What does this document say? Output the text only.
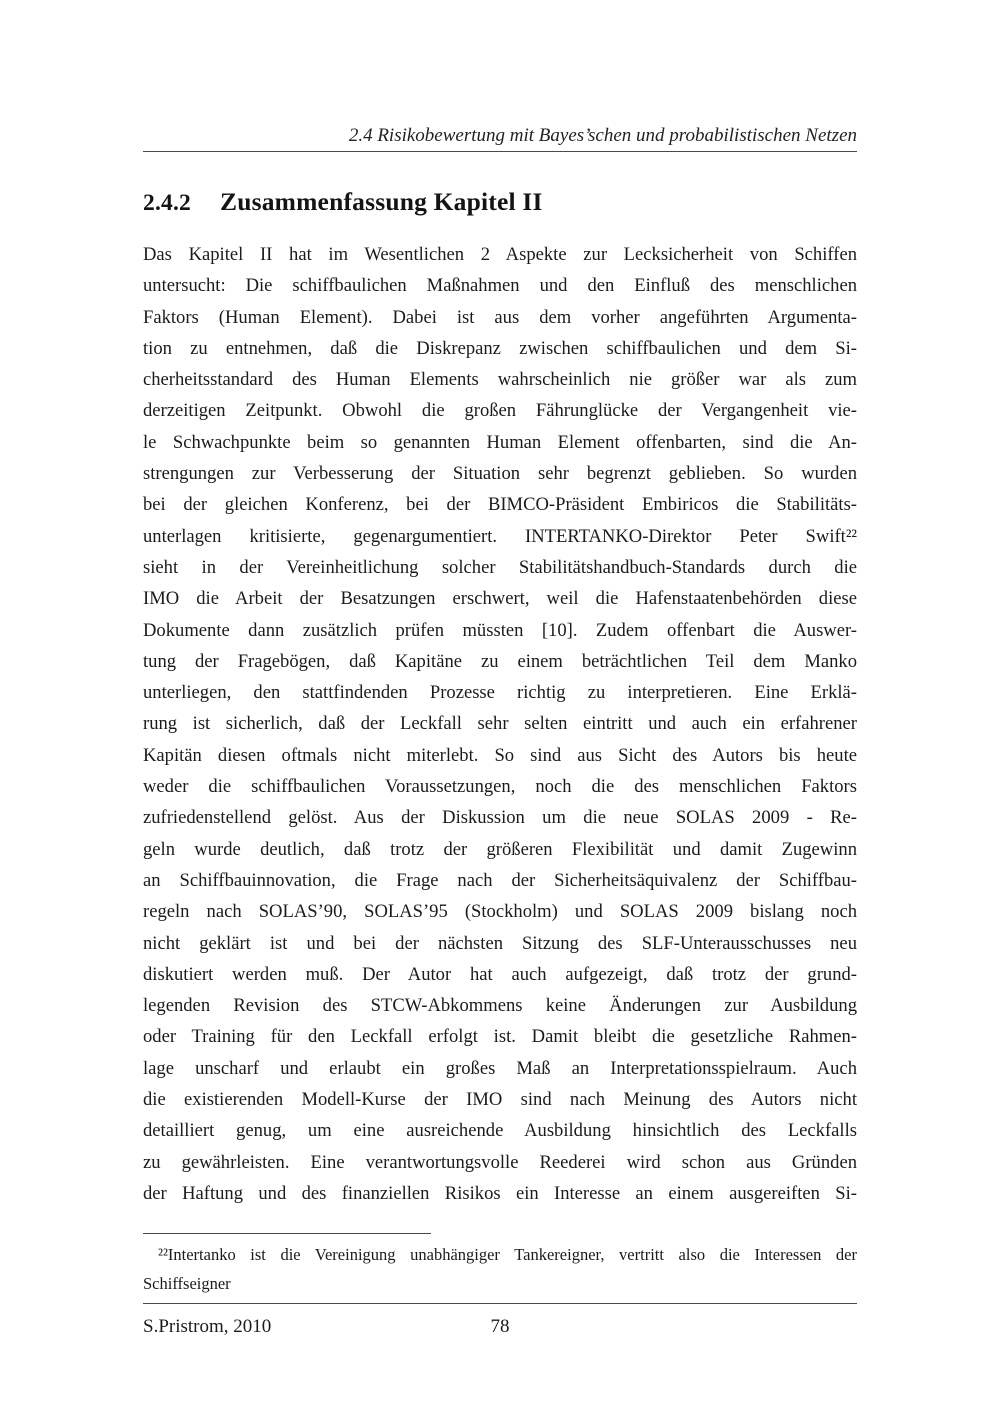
2.4 Risikobewertung mit Bayes’schen und probabilistischen Netzen
2.4.2 Zusammenfassung Kapitel II
Das Kapitel II hat im Wesentlichen 2 Aspekte zur Lecksicherheit von Schiffen
untersucht: Die schiffbaulichen Maßnahmen und den Einfluß des menschlichen
Faktors (Human Element). Dabei ist aus dem vorher angeführten Argumenta-
tion zu entnehmen, daß die Diskrepanz zwischen schiffbaulichen und dem Si-
cherheitsstandard des Human Elements wahrscheinlich nie größer war als zum
derzeitigen Zeitpunkt. Obwohl die großen Fährunglücke der Vergangenheit vie-
le Schwachpunkte beim so genannten Human Element offenbarten, sind die An-
strengungen zur Verbesserung der Situation sehr begrenzt geblieben. So wurden
bei der gleichen Konferenz, bei der BIMCO-Präsident Embiricos die Stabilitäts-
unterlagen kritisierte, gegenargumentiert. INTERTANKO-Direktor Peter Swift²²
sieht in der Vereinheitlichung solcher Stabilitätshandbuch-Standards durch die
IMO die Arbeit der Besatzungen erschwert, weil die Hafenstaatenbehörden diese
Dokumente dann zusätzlich prüfen müssten [10]. Zudem offenbart die Auswer-
tung der Fragebögen, daß Kapitäne zu einem beträchtlichen Teil dem Manko
unterliegen, den stattfindenden Prozesse richtig zu interpretieren. Eine Erklä-
rung ist sicherlich, daß der Leckfall sehr selten eintritt und auch ein erfahrener
Kapitän diesen oftmals nicht miterlebt. So sind aus Sicht des Autors bis heute
weder die schiffbaulichen Voraussetzungen, noch die des menschlichen Faktors
zufriedenstellend gelöst. Aus der Diskussion um die neue SOLAS 2009 - Re-
geln wurde deutlich, daß trotz der größeren Flexibilität und damit Zugewinn
an Schiffbauinnovation, die Frage nach der Sicherheitsäquivalenz der Schiffbau-
regeln nach SOLAS’90, SOLAS’95 (Stockholm) und SOLAS 2009 bislang noch
nicht geklärt ist und bei der nächsten Sitzung des SLF-Unterausschusses neu
diskutiert werden muß. Der Autor hat auch aufgezeigt, daß trotz der grund-
legenden Revision des STCW-Abkommens keine Änderungen zur Ausbildung
oder Training für den Leckfall erfolgt ist. Damit bleibt die gesetzliche Rahmen-
lage unscharf und erlaubt ein großes Maß an Interpretationsspielraum. Auch
die existierenden Modell-Kurse der IMO sind nach Meinung des Autors nicht
detailliert genug, um eine ausreichende Ausbildung hinsichtlich des Leckfalls
zu gewährleisten. Eine verantwortungsvolle Reederei wird schon aus Gründen
der Haftung und des finanziellen Risikos ein Interesse an einem ausgereiften Si-
²²Intertanko ist die Vereinigung unabhängiger Tankereigner, vertritt also die Interessen der
Schiffseigner
S.Pristrom, 2010	78
